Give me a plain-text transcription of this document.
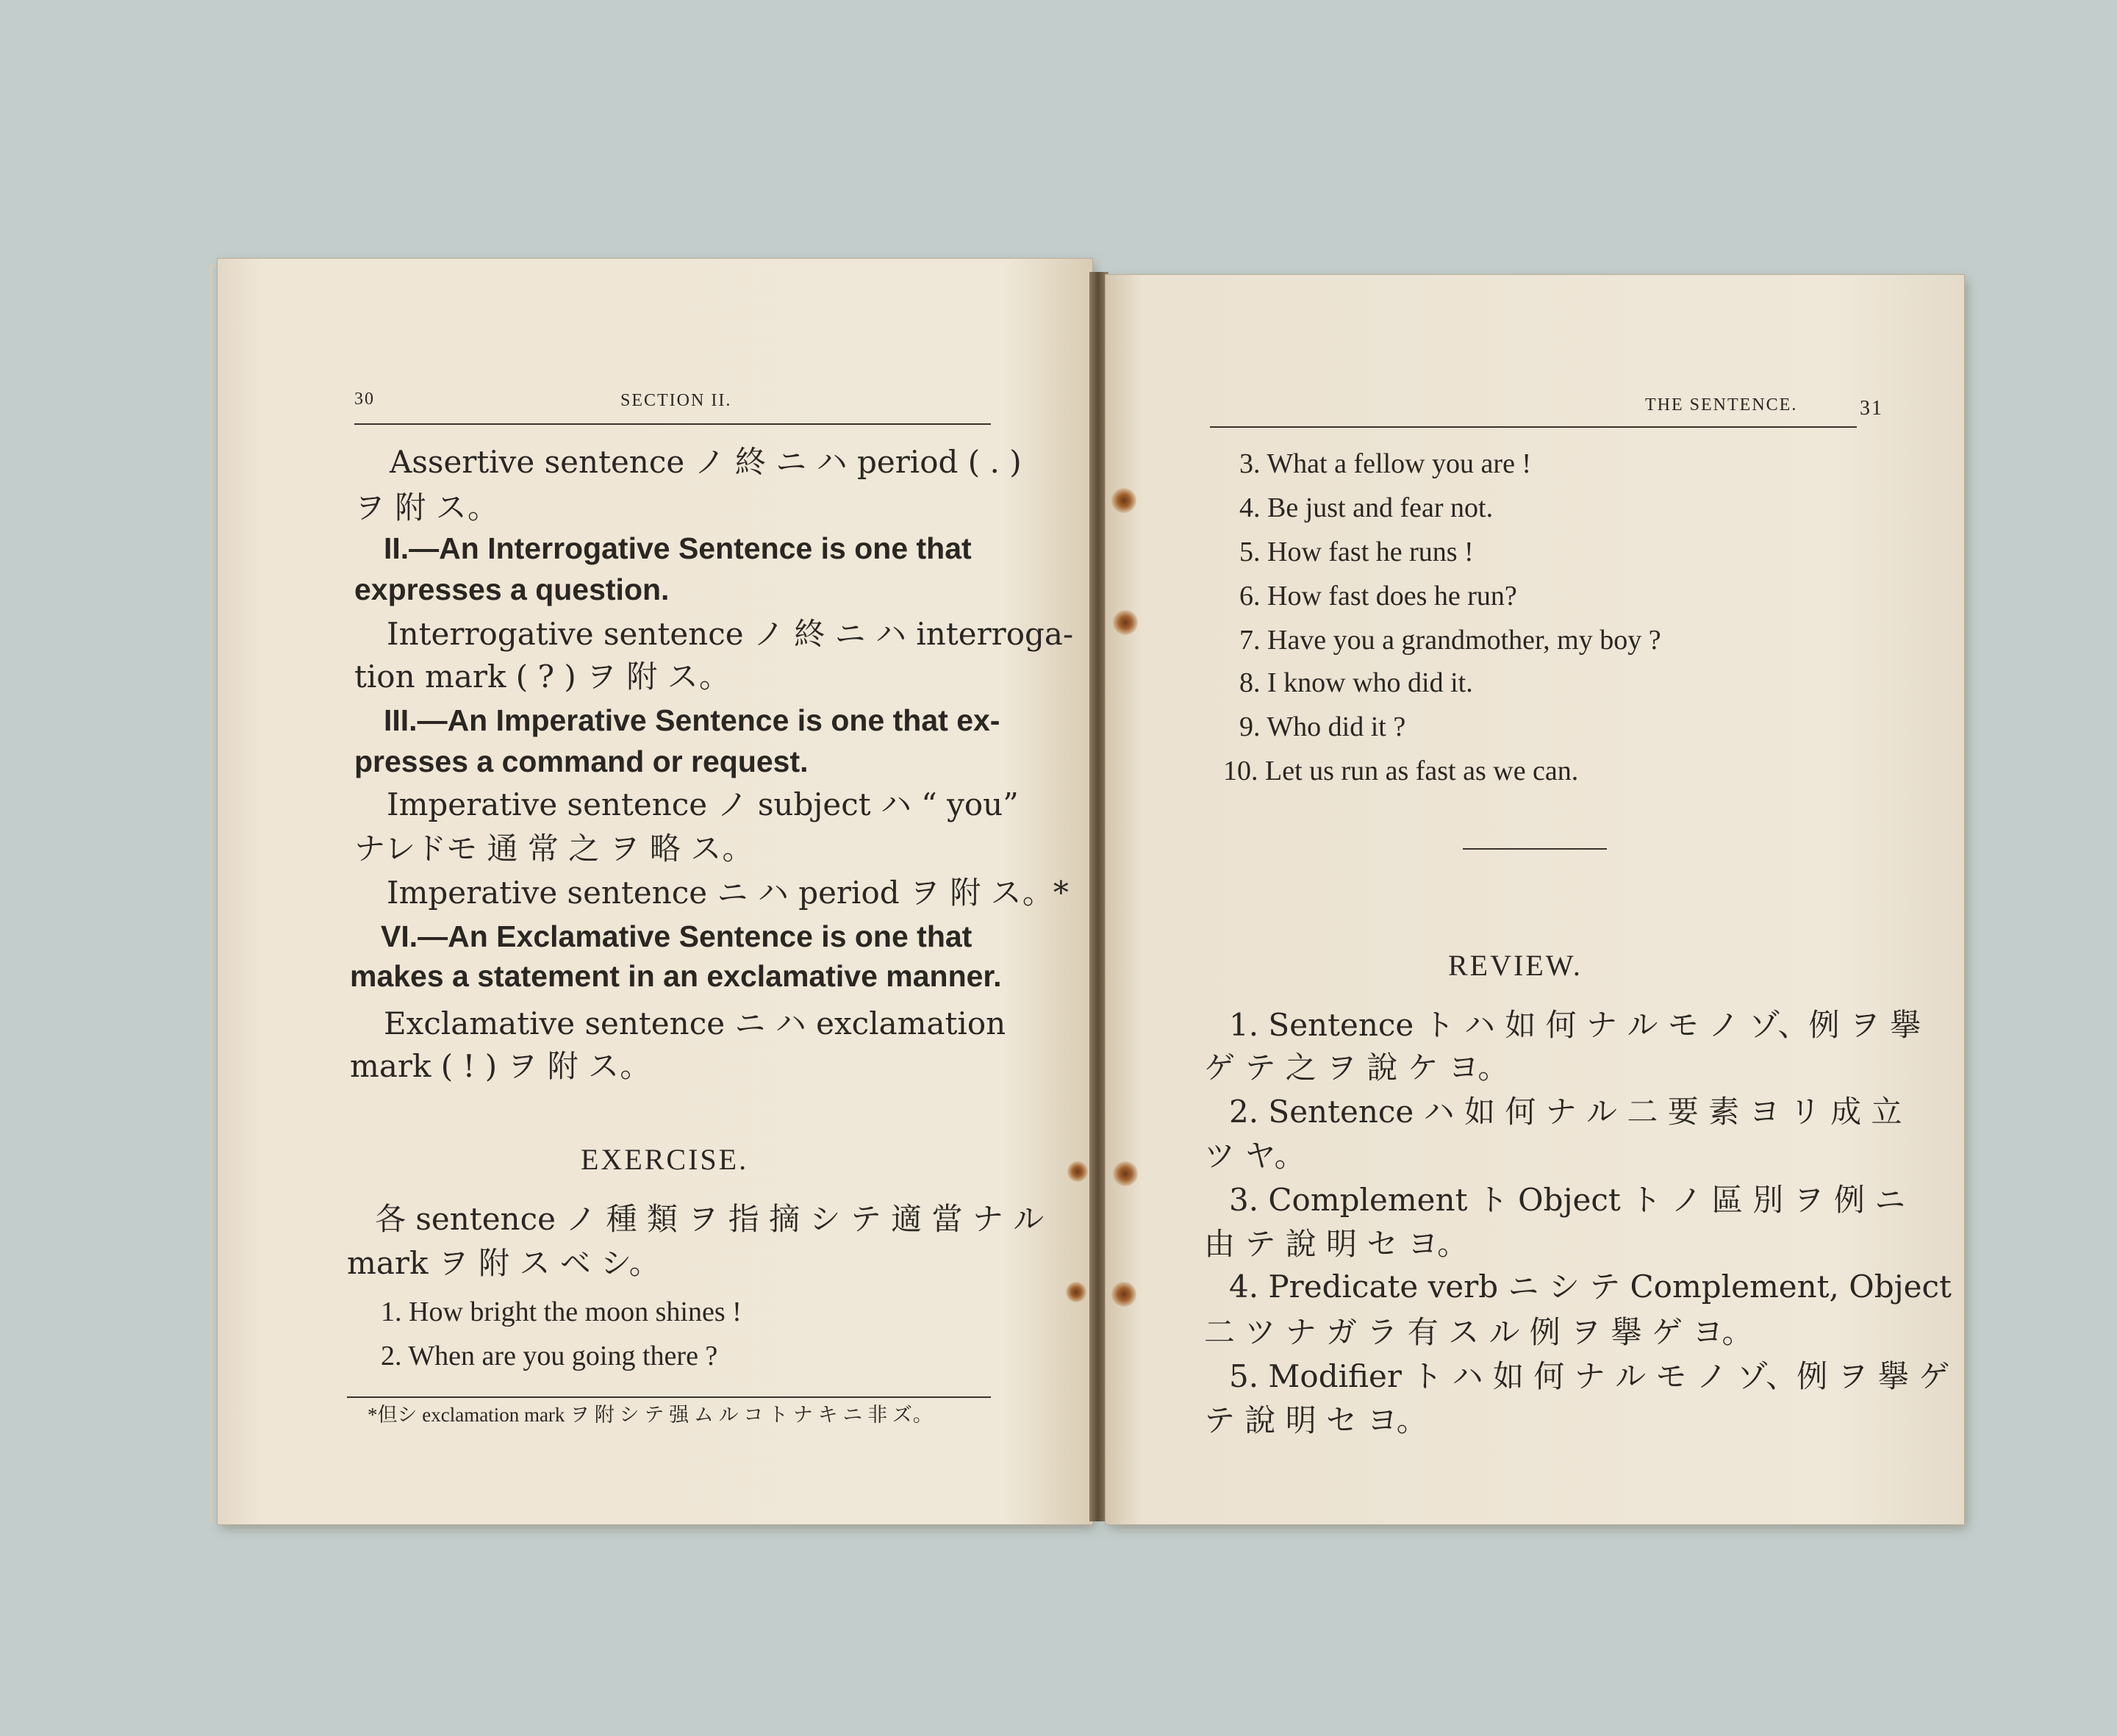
30	SECTION II.
Assertive sentence ノ 終 ニ ハ period ( . )
ヲ 附 ス。
II.—An Interrogative Sentence is one that
expresses a question.
Interrogative sentence ノ 終 ニ ハ interroga-
tion mark ( ? ) ヲ 附 ス。
III.—An Imperative Sentence is one that ex-
presses a command or request.
Imperative sentence ノ subject ハ “ you”
ナレドモ 通 常 之 ヲ 略 ス。
Imperative sentence ニ ハ period ヲ 附 ス。*
VI.—An Exclamative Sentence is one that
makes a statement in an exclamative manner.
Exclamative sentence ニ ハ exclamation
mark ( ! ) ヲ 附 ス。
EXERCISE.
各 sentence ノ 種 類 ヲ 指 摘 シ テ 適 當 ナ ル
mark ヲ 附 ス ベ シ。
1. How bright the moon shines !
2. When are you going there ?
*但シ exclamation mark ヲ 附 シ テ 强 ム ル コ ト ナ キ ニ 非 ズ。
THE SENTENCE.	31
3. What a fellow you are !
4. Be just and fear not.
5. How fast he runs !
6. How fast does he run?
7. Have you a grandmother, my boy ?
8. I know who did it.
9. Who did it ?
10. Let us run as fast as we can.
REVIEW.
1. Sentence ト ハ 如 何 ナ ル モ ノ ゾ、例 ヲ 擧
ゲ テ 之 ヲ 說 ケ ヨ。
2. Sentence ハ 如 何 ナ ル 二 要 素 ヨ リ 成 立
ツ ヤ。
3. Complement ト Object ト ノ 區 別 ヲ 例 ニ
由 テ 說 明 セ ヨ。
4. Predicate verb ニ シ テ Complement, Object
二 ツ ナ ガ ラ 有 ス ル 例 ヲ 擧 ゲ ヨ。
5. Modifier ト ハ 如 何 ナ ル モ ノ ゾ、例 ヲ 擧 ゲ
テ 說 明 セ ヨ。
